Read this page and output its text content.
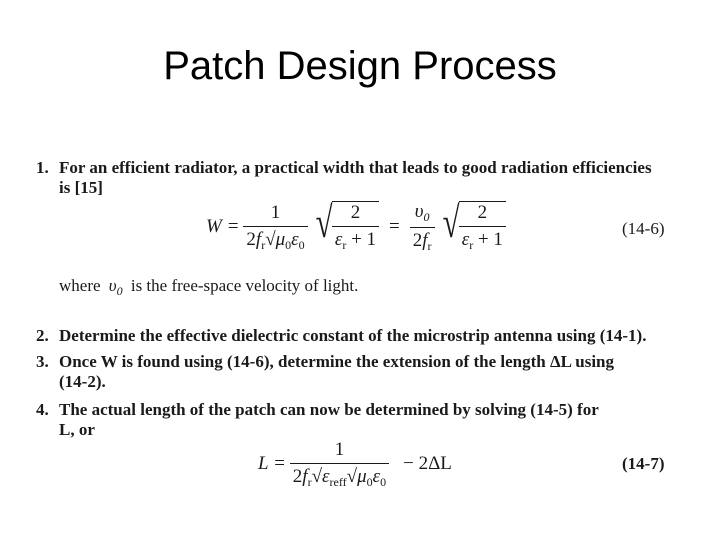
Patch Design Process
1. For an efficient radiator, a practical width that leads to good radiation efficiencies
is [15]
$W = \frac{1}{2f_r√\mu_0\varepsilon_0}$ √ $\frac{2}{\varepsilon_r + 1} = \frac{\upsilon_0}{2f_r}$ √ $\frac{2}{\varepsilon_r + 1}$	(14-6)
where $\upsilon_0$ is the free-space velocity of light.
2. Determine the effective dielectric constant of the microstrip antenna using (14-1).
3. Once W is found using (14-6), determine the extension of the length ΔL using
(14-2).
4. The actual length of the patch can now be determined by solving (14-5) for
L, or
$L = \frac{1}{2f_r√\varepsilon_{reff}√\mu_0\varepsilon_0} - 2\Delta L$	(14-7)
